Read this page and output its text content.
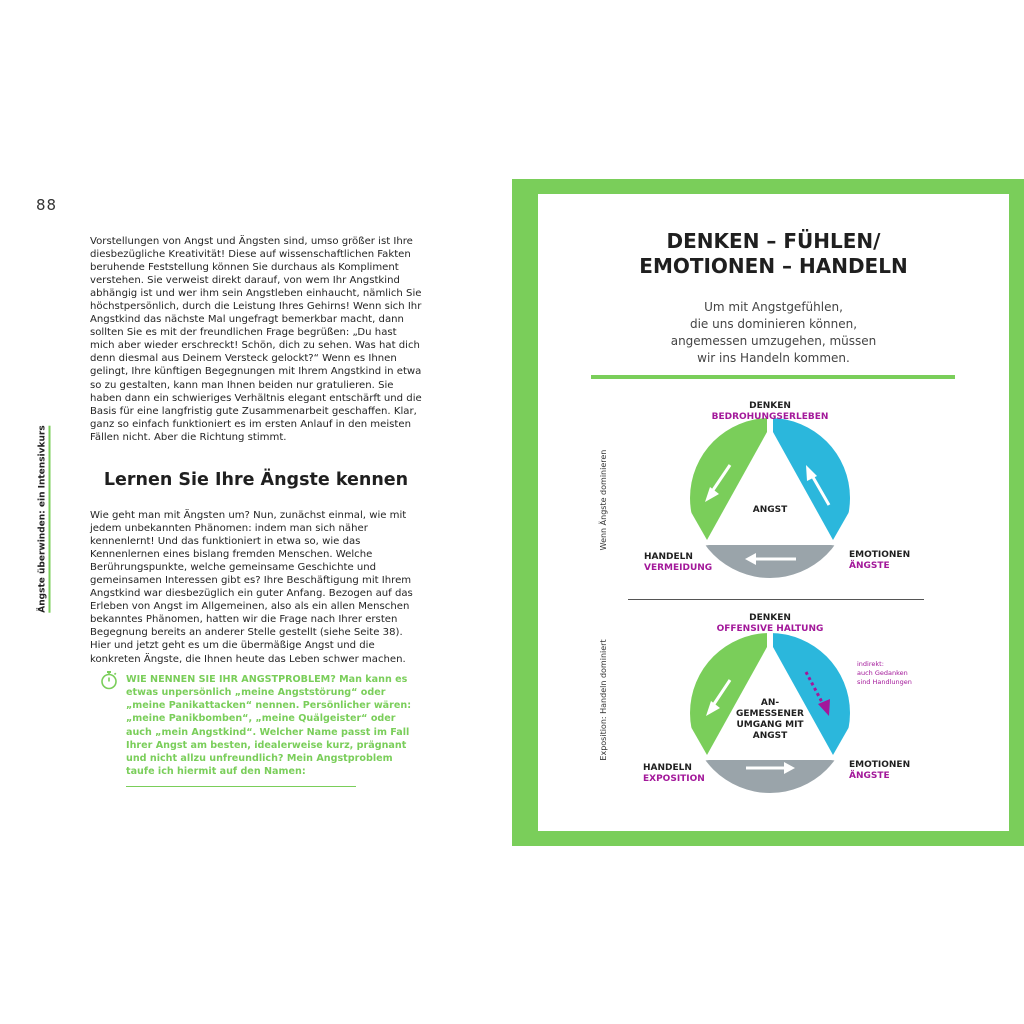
88
Ängste überwinden: ein Intensivkurs

Vorstellungen von Angst und Ängsten sind, umso größer ist Ihre diesbezügliche Kreativität! Diese auf wissenschaftlichen Fakten beruhende Feststellung können Sie durchaus als Kompliment verstehen. Sie verweist direkt darauf, von wem Ihr Angstkind abhängig ist und wer ihm sein Angstleben einhaucht, nämlich Sie höchstpersönlich, durch die Leistung Ihres Gehirns! Wenn sich Ihr Angstkind das nächste Mal ungefragt bemerkbar macht, dann sollten Sie es mit der freundlichen Frage begrüßen: „Du hast mich aber wieder erschreckt! Schön, dich zu sehen. Was hat dich denn diesmal aus Deinem Versteck gelockt?“ Wenn es Ihnen gelingt, Ihre künftigen Begegnungen mit Ihrem Angstkind in etwa so zu gestalten, kann man Ihnen beiden nur gratulieren. Sie haben dann ein schwieriges Verhältnis elegant entschärft und die Basis für eine langfristig gute Zusammenarbeit geschaffen. Klar, ganz so einfach funktioniert es im ersten Anlauf in den meisten Fällen nicht. Aber die Richtung stimmt.

Lernen Sie Ihre Ängste kennen

Wie geht man mit Ängsten um? Nun, zunächst einmal, wie mit jedem unbekannten Phänomen: indem man sich näher kennenlernt! Und das funktioniert in etwa so, wie das Kennenlernen eines bislang fremden Menschen. Welche Berührungspunkte, welche gemeinsame Geschichte und gemeinsamen Interessen gibt es? Ihre Beschäftigung mit Ihrem Angstkind war diesbezüglich ein guter Anfang. Bezogen auf das Erleben von Angst im Allgemeinen, also als ein allen Menschen bekanntes Phänomen, hatten wir die Frage nach Ihrer ersten Begegnung bereits an anderer Stelle gestellt (siehe Seite 38). Hier und jetzt geht es um die übermäßige Angst und die konkreten Ängste, die Ihnen heute das Leben schwer machen.

WIE NENNEN SIE IHR ANGSTPROBLEM? Man kann es etwas unpersönlich „meine Angststörung“ oder „meine Panikattacken“ nennen. Persönlicher wären: „meine Panikbomben“, „meine Quälgeister“ oder auch „mein Angstkind“. Welcher Name passt im Fall Ihrer Angst am besten, idealerweise kurz, prägnant und nicht allzu unfreundlich? Mein Angstproblem taufe ich hiermit auf den Namen:

DENKEN – FÜHLEN/
EMOTIONEN – HANDELN

Um mit Angstgefühlen,
die uns dominieren können,
angemessen umzugehen, müssen
wir ins Handeln kommen.

Wenn Ängste dominieren	ANGST
DENKEN
BEDROHUNGSERLEBEN
HANDELN
VERMEIDUNG
EMOTIONEN
ÄNGSTE
Exposition: Handeln dominiert	AN-
GEMESSENER
UMGANG MIT
ANGST
DENKEN
OFFENSIVE HALTUNG
HANDELN
EXPOSITION
EMOTIONEN
ÄNGSTE
indirekt:
auch Gedanken
sind Handlungen
